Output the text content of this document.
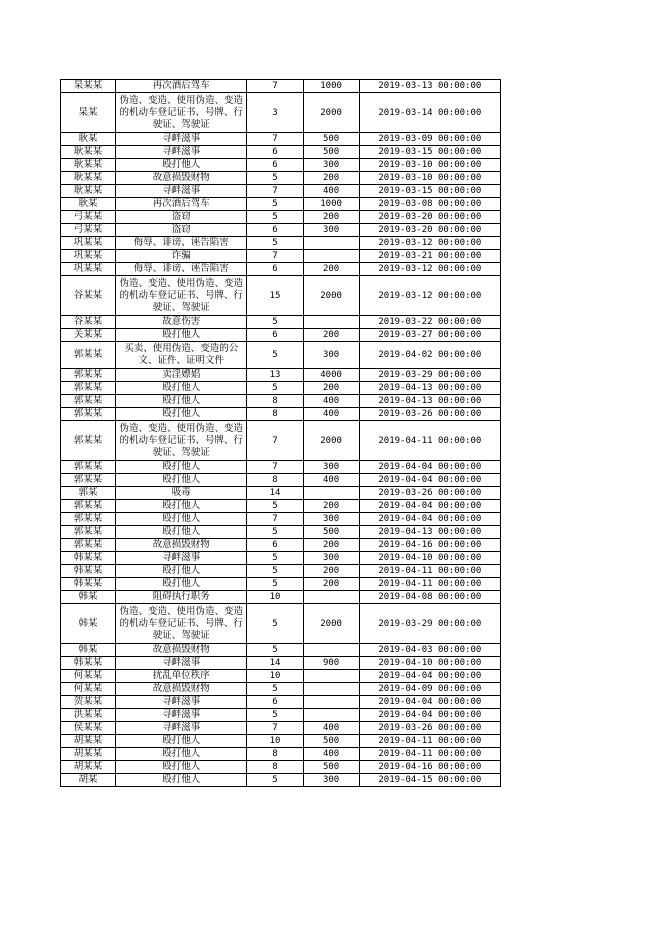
杲某某	再次酒后驾车	7	1000	2019-03-13 00:00:00
杲某	伪造、变造、使用伪造、变造的机动车登记证书、号牌、行驶证、驾驶证	3	2000	2019-03-14 00:00:00
耿某	寻衅滋事	7	500	2019-03-09 00:00:00
耿某某	寻衅滋事	6	500	2019-03-15 00:00:00
耿某某	殴打他人	6	300	2019-03-10 00:00:00
耿某某	故意损毁财物	5	200	2019-03-10 00:00:00
耿某某	寻衅滋事	7	400	2019-03-15 00:00:00
耿某	再次酒后驾车	5	1000	2019-03-08 00:00:00
弓某某	盗窃	5	200	2019-03-20 00:00:00
弓某某	盗窃	6	300	2019-03-20 00:00:00
巩某某	侮辱、诽谤、诬告陷害	5		2019-03-12 00:00:00
巩某某	诈骗	7		2019-03-21 00:00:00
巩某某	侮辱、诽谤、诬告陷害	6	200	2019-03-12 00:00:00
谷某某	伪造、变造、使用伪造、变造的机动车登记证书、号牌、行驶证、驾驶证	15	2000	2019-03-12 00:00:00
谷某某	故意伤害	5		2019-03-22 00:00:00
关某某	殴打他人	6	200	2019-03-27 00:00:00
郭某某	买卖、使用伪造、变造的公文、证件、证明文件	5	300	2019-04-02 00:00:00
郭某某	卖淫嫖娼	13	4000	2019-03-29 00:00:00
郭某某	殴打他人	5	200	2019-04-13 00:00:00
郭某某	殴打他人	8	400	2019-04-13 00:00:00
郭某某	殴打他人	8	400	2019-03-26 00:00:00
郭某某	伪造、变造、使用伪造、变造的机动车登记证书、号牌、行驶证、驾驶证	7	2000	2019-04-11 00:00:00
郭某某	殴打他人	7	300	2019-04-04 00:00:00
郭某某	殴打他人	8	400	2019-04-04 00:00:00
郭某	吸毒	14		2019-03-26 00:00:00
郭某某	殴打他人	5	200	2019-04-04 00:00:00
郭某某	殴打他人	7	300	2019-04-04 00:00:00
郭某某	殴打他人	5	500	2019-04-13 00:00:00
郭某某	故意损毁财物	6	200	2019-04-16 00:00:00
韩某某	寻衅滋事	5	300	2019-04-10 00:00:00
韩某某	殴打他人	5	200	2019-04-11 00:00:00
韩某某	殴打他人	5	200	2019-04-11 00:00:00
韩某	阻碍执行职务	10		2019-04-08 00:00:00
韩某	伪造、变造、使用伪造、变造的机动车登记证书、号牌、行驶证、驾驶证	5	2000	2019-03-29 00:00:00
韩某	故意损毁财物	5		2019-04-03 00:00:00
韩某某	寻衅滋事	14	900	2019-04-10 00:00:00
何某某	扰乱单位秩序	10		2019-04-04 00:00:00
何某某	故意损毁财物	5		2019-04-09 00:00:00
贺某某	寻衅滋事	6		2019-04-04 00:00:00
洪某某	寻衅滋事	5		2019-04-04 00:00:00
侯某某	寻衅滋事	7	400	2019-03-26 00:00:00
胡某某	殴打他人	10	500	2019-04-11 00:00:00
胡某某	殴打他人	8	400	2019-04-11 00:00:00
胡某某	殴打他人	8	500	2019-04-16 00:00:00
胡某	殴打他人	5	300	2019-04-15 00:00:00
